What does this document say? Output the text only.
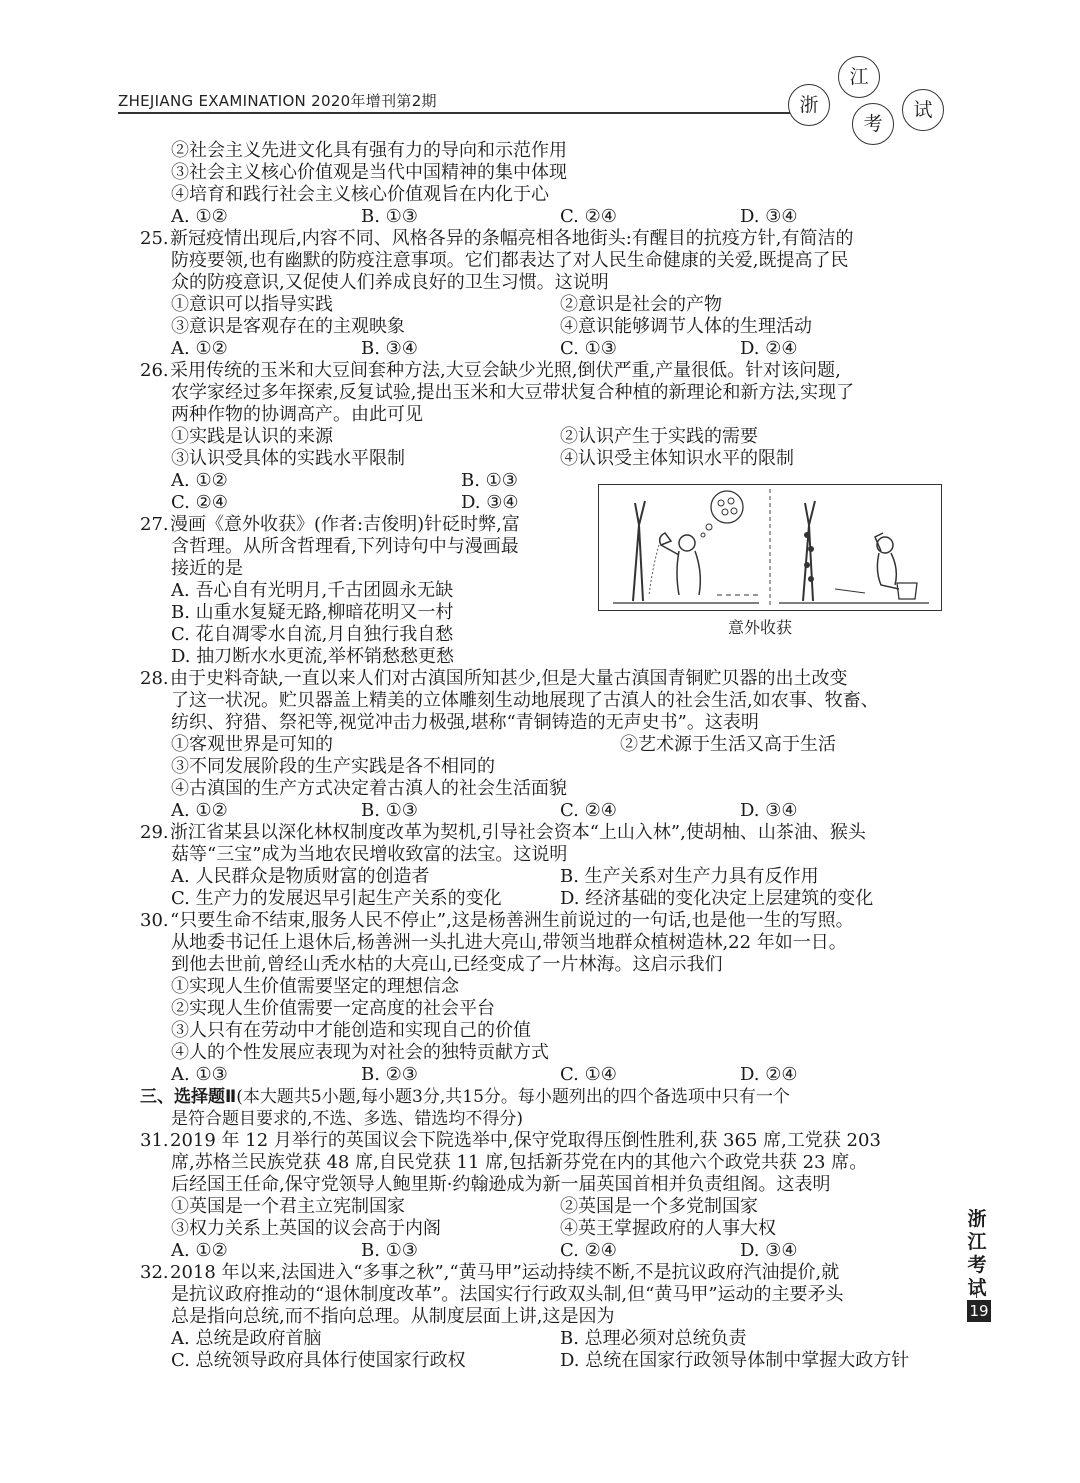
ZHEJIANG EXAMINATION 2020年增刊第2期	浙
江
考
试
②社会主义先进文化具有强有力的导向和示范作用
③社会主义核心价值观是当代中国精神的集中体现
④培育和践行社会主义核心价值观旨在内化于心
A. ①②	B. ①③	C. ②④	D. ③④
25.新冠疫情出现后,内容不同、风格各异的条幅亮相各地街头:有醒目的抗疫方针,有简洁的
防疫要领,也有幽默的防疫注意事项。它们都表达了对人民生命健康的关爱,既提高了民
众的防疫意识,又促使人们养成良好的卫生习惯。这说明
①意识可以指导实践	②意识是社会的产物
③意识是客观存在的主观映象	④意识能够调节人体的生理活动
A. ①②	B. ③④	C. ①③	D. ②④
26.采用传统的玉米和大豆间套种方法,大豆会缺少光照,倒伏严重,产量很低。针对该问题,
农学家经过多年探索,反复试验,提出玉米和大豆带状复合种植的新理论和新方法,实现了
两种作物的协调高产。由此可见
①实践是认识的来源	②认识产生于实践的需要
③认识受具体的实践水平限制	④认识受主体知识水平的限制
A. ①②	B. ①③
C. ②④	D. ③④
27.漫画《意外收获》(作者:吉俊明)针砭时弊,富
含哲理。从所含哲理看,下列诗句中与漫画最
接近的是
A. 吾心自有光明月,千古团圆永无缺
B. 山重水复疑无路,柳暗花明又一村
C. 花自凋零水自流,月自独行我自愁
D. 抽刀断水水更流,举杯销愁愁更愁
28.由于史料奇缺,一直以来人们对古滇国所知甚少,但是大量古滇国青铜贮贝器的出土改变
了这一状况。贮贝器盖上精美的立体雕刻生动地展现了古滇人的社会生活,如农事、牧畜、
纺织、狩猎、祭祀等,视觉冲击力极强,堪称“青铜铸造的无声史书”。这表明
①客观世界是可知的	②艺术源于生活又高于生活
③不同发展阶段的生产实践是各不相同的
④古滇国的生产方式决定着古滇人的社会生活面貌
A. ①②	B. ①③	C. ②④	D. ③④
29.浙江省某县以深化林权制度改革为契机,引导社会资本“上山入林”,使胡柚、山茶油、猴头
菇等“三宝”成为当地农民增收致富的法宝。这说明
A. 人民群众是物质财富的创造者	B. 生产关系对生产力具有反作用
C. 生产力的发展迟早引起生产关系的变化	D. 经济基础的变化决定上层建筑的变化
30.“只要生命不结束,服务人民不停止”,这是杨善洲生前说过的一句话,也是他一生的写照。
从地委书记任上退休后,杨善洲一头扎进大亮山,带领当地群众植树造林,22 年如一日。
到他去世前,曾经山秃水枯的大亮山,已经变成了一片林海。这启示我们
①实现人生价值需要坚定的理想信念
②实现人生价值需要一定高度的社会平台
③人只有在劳动中才能创造和实现自己的价值
④人的个性发展应表现为对社会的独特贡献方式
A. ①③	B. ②③	C. ①④	D. ②④
三、选择题Ⅱ(本大题共5小题,每小题3分,共15分。每小题列出的四个备选项中只有一个
是符合题目要求的,不选、多选、错选均不得分)
31.2019 年 12 月举行的英国议会下院选举中,保守党取得压倒性胜利,获 365 席,工党获 203
席,苏格兰民族党获 48 席,自民党获 11 席,包括新芬党在内的其他六个政党共获 23 席。
后经国王任命,保守党领导人鲍里斯·约翰逊成为新一届英国首相并负责组阁。这表明
①英国是一个君主立宪制国家	②英国是一个多党制国家
③权力关系上英国的议会高于内阁	④英王掌握政府的人事大权
A. ①②	B. ①③	C. ②④	D. ③④
32.2018 年以来,法国进入“多事之秋”,“黄马甲”运动持续不断,不是抗议政府汽油提价,就
是抗议政府推动的“退休制度改革”。法国实行行政双头制,但“黄马甲”运动的主要矛头
总是指向总统,而不指向总理。从制度层面上讲,这是因为
A. 总统是政府首脑	B. 总理必须对总统负责
C. 总统领导政府具体行使国家行政权	D. 总统在国家行政领导体制中掌握大政方针
意外收获
浙江考试
19
